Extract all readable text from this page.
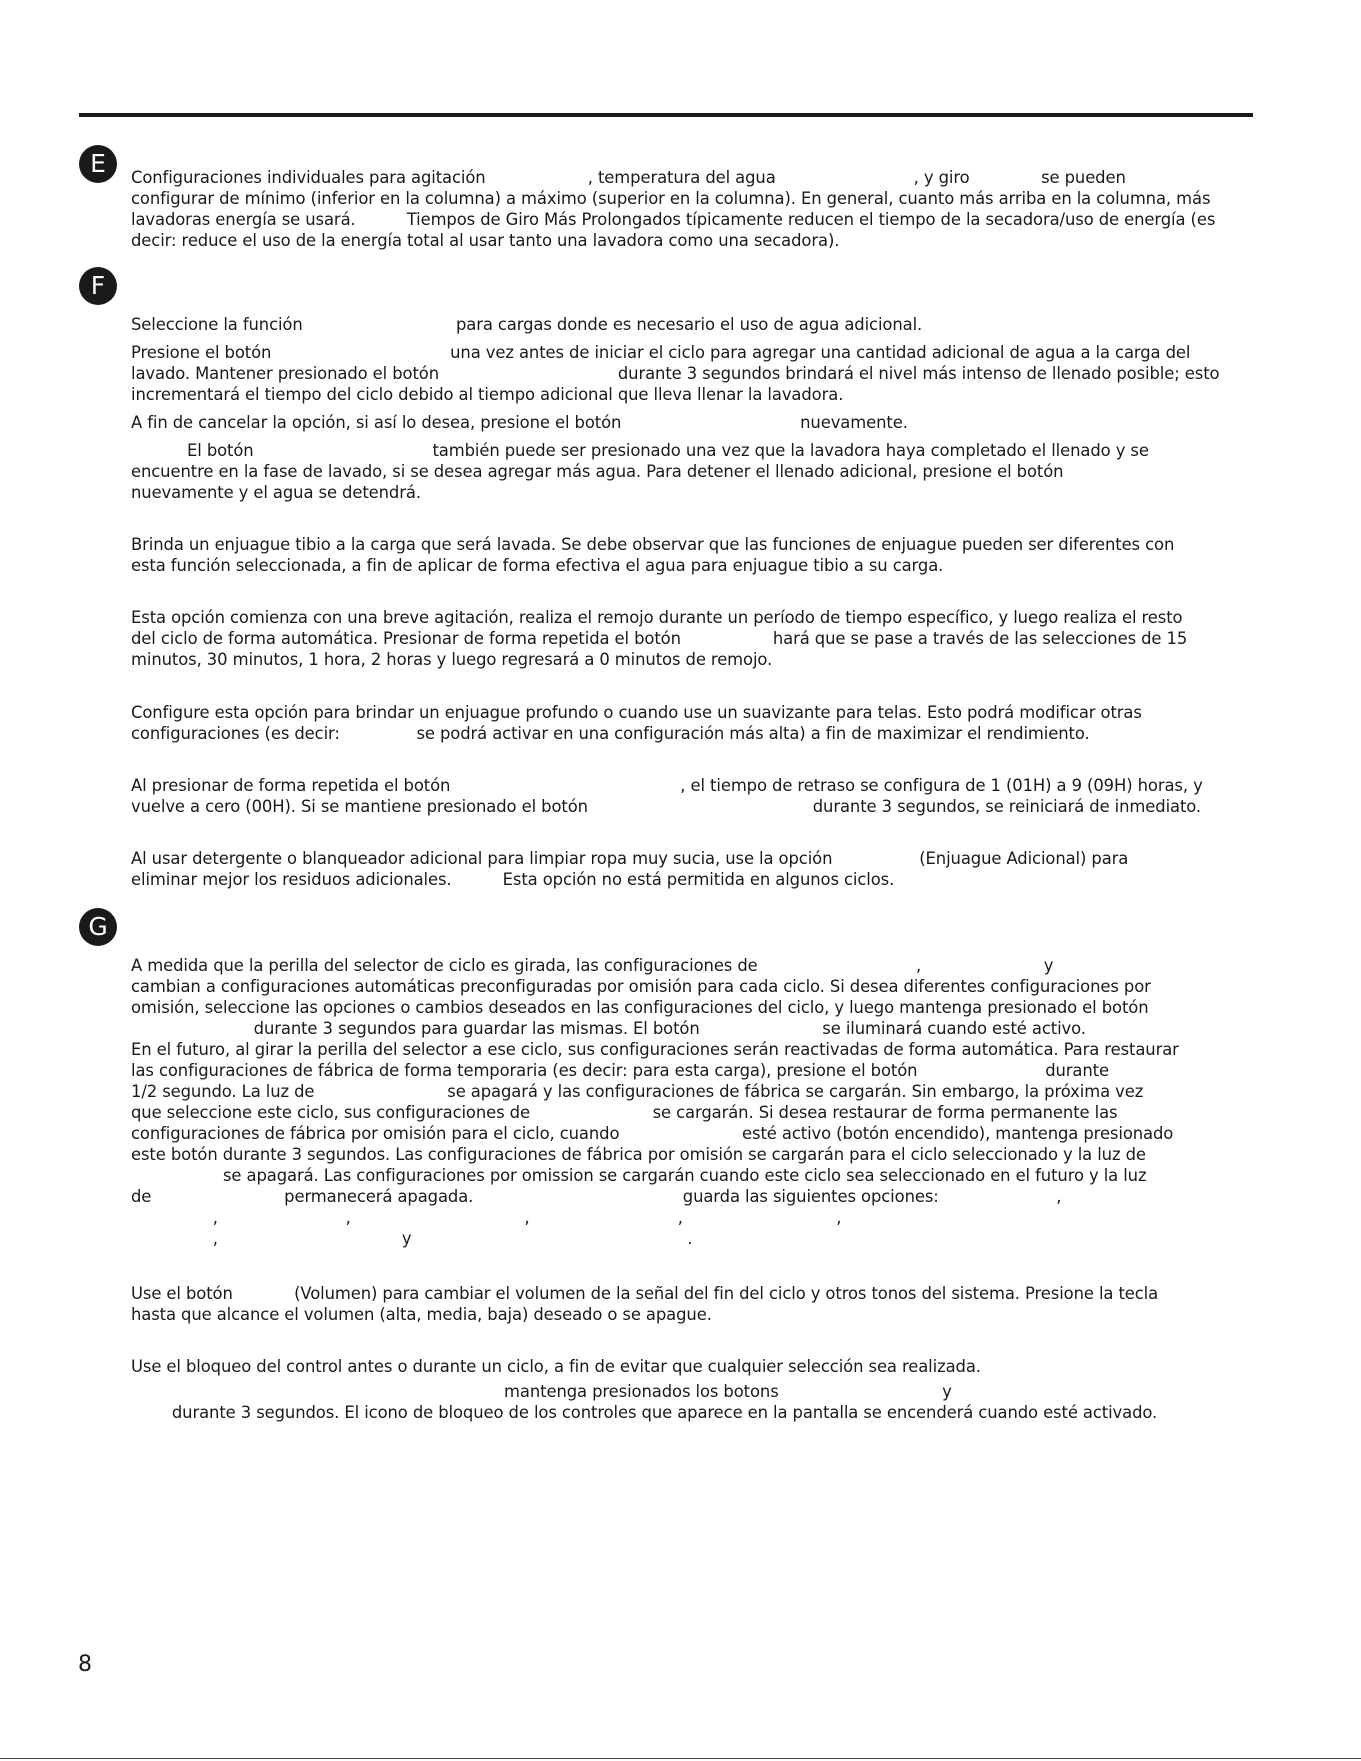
E	Configuraciones individuales para agitación                    , temperatura del agua                           , y giro              se pueden
configurar de mínimo (inferior en la columna) a máximo (superior en la columna). En general, cuanto más arriba en la columna, más
lavadoras energía se usará.          Tiempos de Giro Más Prolongados típicamente reducen el tiempo de la secadora/uso de energía (es
decir: reduce el uso de la energía total al usar tanto una lavadora como una secadora).
F
Seleccione la función                              para cargas donde es necesario el uso de agua adicional.
Presione el botón                                   una vez antes de iniciar el ciclo para agregar una cantidad adicional de agua a la carga del
lavado. Mantener presionado el botón                                   durante 3 segundos brindará el nivel más intenso de llenado posible; esto
incrementará el tiempo del ciclo debido al tiempo adicional que lleva llenar la lavadora.
A fin de cancelar la opción, si así lo desea, presione el botón                                   nuevamente.
El botón                                   también puede ser presionado una vez que la lavadora haya completado el llenado y se
encuentre en la fase de lavado, si se desea agregar más agua. Para detener el llenado adicional, presione el botón
nuevamente y el agua se detendrá.
Brinda un enjuague tibio a la carga que será lavada. Se debe observar que las funciones de enjuague pueden ser diferentes con
esta función seleccionada, a fin de aplicar de forma efectiva el agua para enjuague tibio a su carga.
Esta opción comienza con una breve agitación, realiza el remojo durante un período de tiempo específico, y luego realiza el resto
del ciclo de forma automática. Presionar de forma repetida el botón                  hará que se pase a través de las selecciones de 15
minutos, 30 minutos, 1 hora, 2 horas y luego regresará a 0 minutos de remojo.
Configure esta opción para brindar un enjuague profundo o cuando use un suavizante para telas. Esto podrá modificar otras
configuraciones (es decir:               se podrá activar en una configuración más alta) a fin de maximizar el rendimiento.
Al presionar de forma repetida el botón                                             , el tiempo de retraso se configura de 1 (01H) a 9 (09H) horas, y
vuelve a cero (00H). Si se mantiene presionado el botón                                            durante 3 segundos, se reiniciará de inmediato.
Al usar detergente o blanqueador adicional para limpiar ropa muy sucia, use la opción                 (Enjuague Adicional) para
eliminar mejor los residuos adicionales.          Esta opción no está permitida en algunos ciclos.
G
A medida que la perilla del selector de ciclo es girada, las configuraciones de                               ,                        y
cambian a configuraciones automáticas preconfiguradas por omisión para cada ciclo. Si desea diferentes configuraciones por
omisión, seleccione las opciones o cambios deseados en las configuraciones del ciclo, y luego mantenga presionado el botón
durante 3 segundos para guardar las mismas. El botón                        se iluminará cuando esté activo.
En el futuro, al girar la perilla del selector a ese ciclo, sus configuraciones serán reactivadas de forma automática. Para restaurar
las configuraciones de fábrica de forma temporaria (es decir: para esta carga), presione el botón                         durante
1/2 segundo. La luz de                          se apagará y las configuraciones de fábrica se cargarán. Sin embargo, la próxima vez
que seleccione este ciclo, sus configuraciones de                        se cargarán. Si desea restaurar de forma permanente las
configuraciones de fábrica por omisión para el ciclo, cuando                        esté activo (botón encendido), mantenga presionado
este botón durante 3 segundos. Las configuraciones de fábrica por omisión se cargarán para el ciclo seleccionado y la luz de
se apagará. Las configuraciones por omission se cargarán cuando este ciclo sea seleccionado en el futuro y la luz
de                          permanecerá apagada.                                         guarda las siguientes opciones:                       ,
,                         ,                                  ,                             ,                              ,
,                                    y                                                      .
Use el botón            (Volumen) para cambiar el volumen de la señal del fin del ciclo y otros tonos del sistema. Presione la tecla
hasta que alcance el volumen (alta, media, baja) deseado o se apague.
Use el bloqueo del control antes o durante un ciclo, a fin de evitar que cualquier selección sea realizada.
mantenga presionados los botons                                y
durante 3 segundos. El icono de bloqueo de los controles que aparece en la pantalla se encenderá cuando esté activado.
8
